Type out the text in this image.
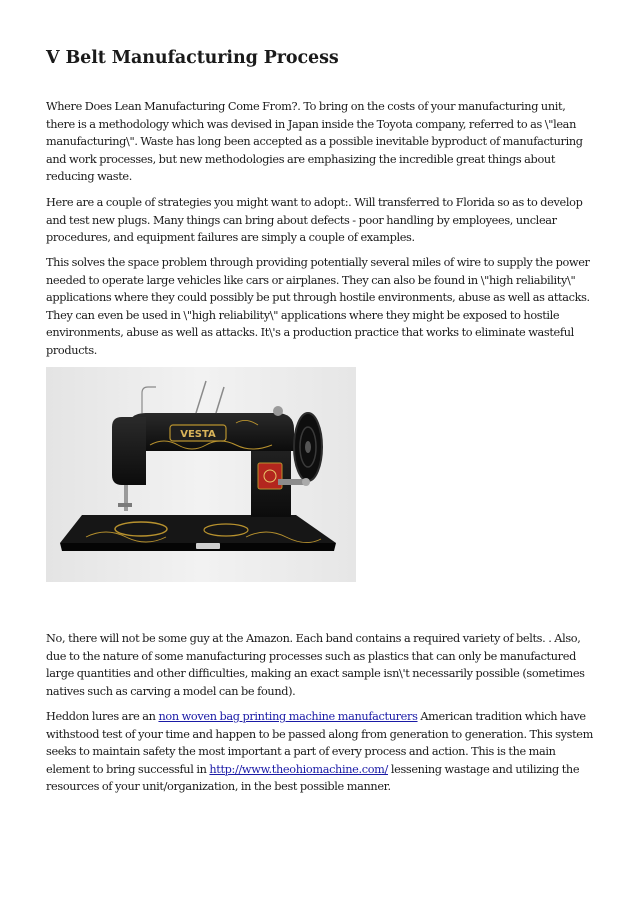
V Belt Manufacturing Process

Where Does Lean Manufacturing Come From?. To bring on the costs of your manufacturing unit, there is a methodology which was devised in Japan inside the Toyota company, referred to as \"lean manufacturing\". Waste has long been accepted as a possible inevitable byproduct of manufacturing and work processes, but new methodologies are emphasizing the incredible great things about reducing waste.

Here are a couple of strategies you might want to adopt:. Will transferred to Florida so as to develop and test new plugs. Many things can bring about defects - poor handling by employees, unclear procedures, and equipment failures are simply a couple of examples.

This solves the space problem through providing potentially several miles of wire to supply the power needed to operate large vehicles like cars or airplanes. They can also be found in \"high reliability\" applications where they could possibly be put through hostile environments, abuse as well as attacks. They can even be used in \"high reliability\" applications where they might be exposed to hostile environments, abuse as well as attacks. It\'s a production practice that works to eliminate wasteful products.

VESTA

No, there will not be some guy at the Amazon. Each band contains a required variety of belts. . Also, due to the nature of some manufacturing processes such as plastics that can only be manufactured large quantities and other difficulties, making an exact sample isn\'t necessarily possible (sometimes natives such as carving a model can be found).

Heddon lures are an non woven bag printing machine manufacturers American tradition which have withstood test of your time and happen to be passed along from generation to generation. This system seeks to maintain safety the most important a part of every process and action. This is the main element to bring successful in http://www.theohiomachine.com/ lessening wastage and utilizing the resources of your unit/organization, in the best possible manner.
